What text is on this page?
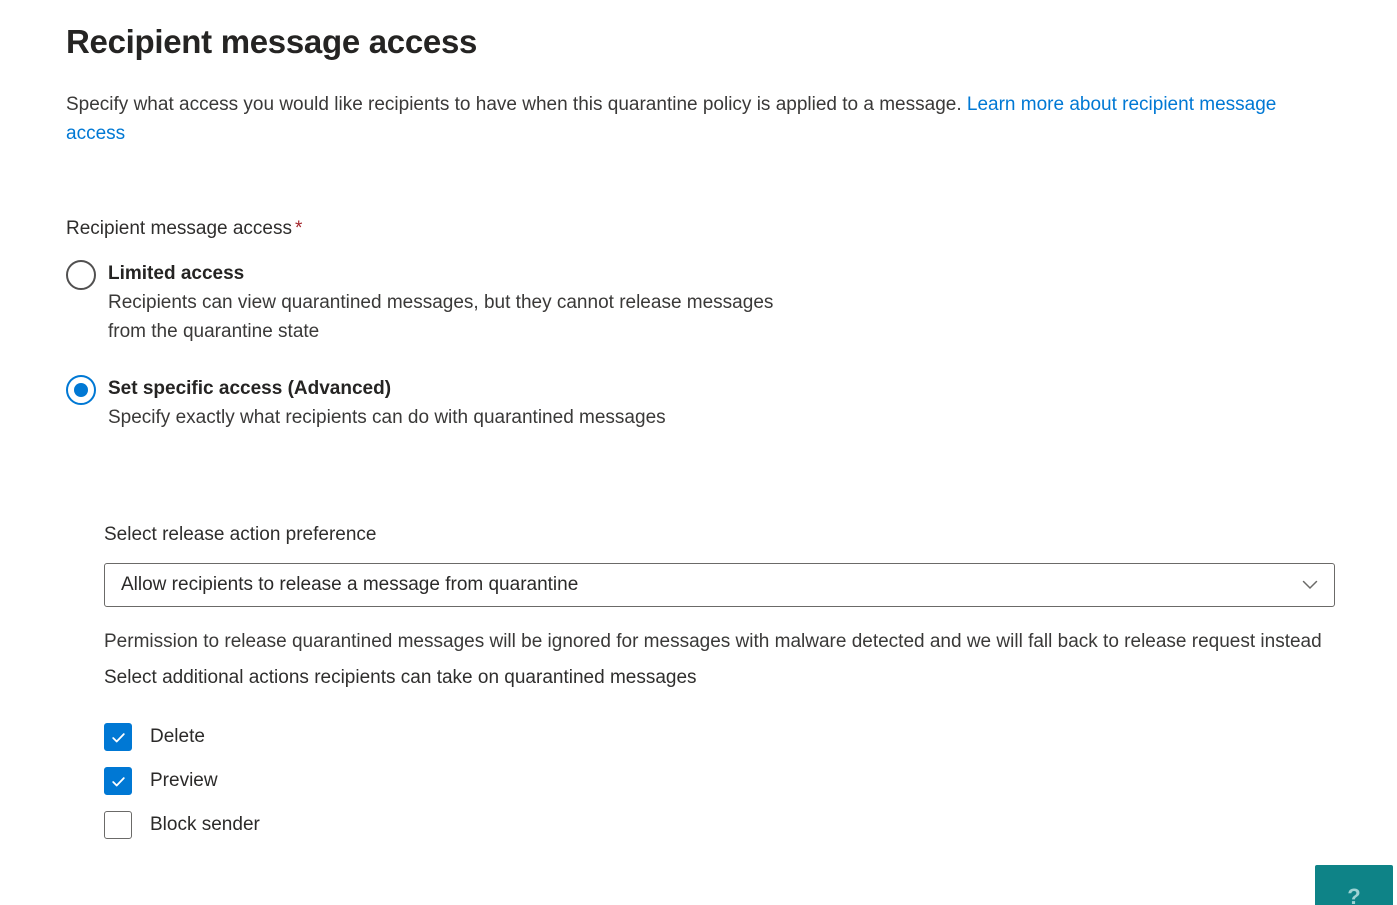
Recipient message access

Specify what access you would like recipients to have when this quarantine policy is applied to a message. Learn more about recipient message access

Recipient message access *
Limited access
Recipients can view quarantined messages, but they cannot release messages from the quarantine state
Set specific access (Advanced)
Specify exactly what recipients can do with quarantined messages
Select release action preference
Allow recipients to release a message from quarantine
Permission to release quarantined messages will be ignored for messages with malware detected and we will fall back to release request instead
Select additional actions recipients can take on quarantined messages
Delete
Preview
Block sender
?
